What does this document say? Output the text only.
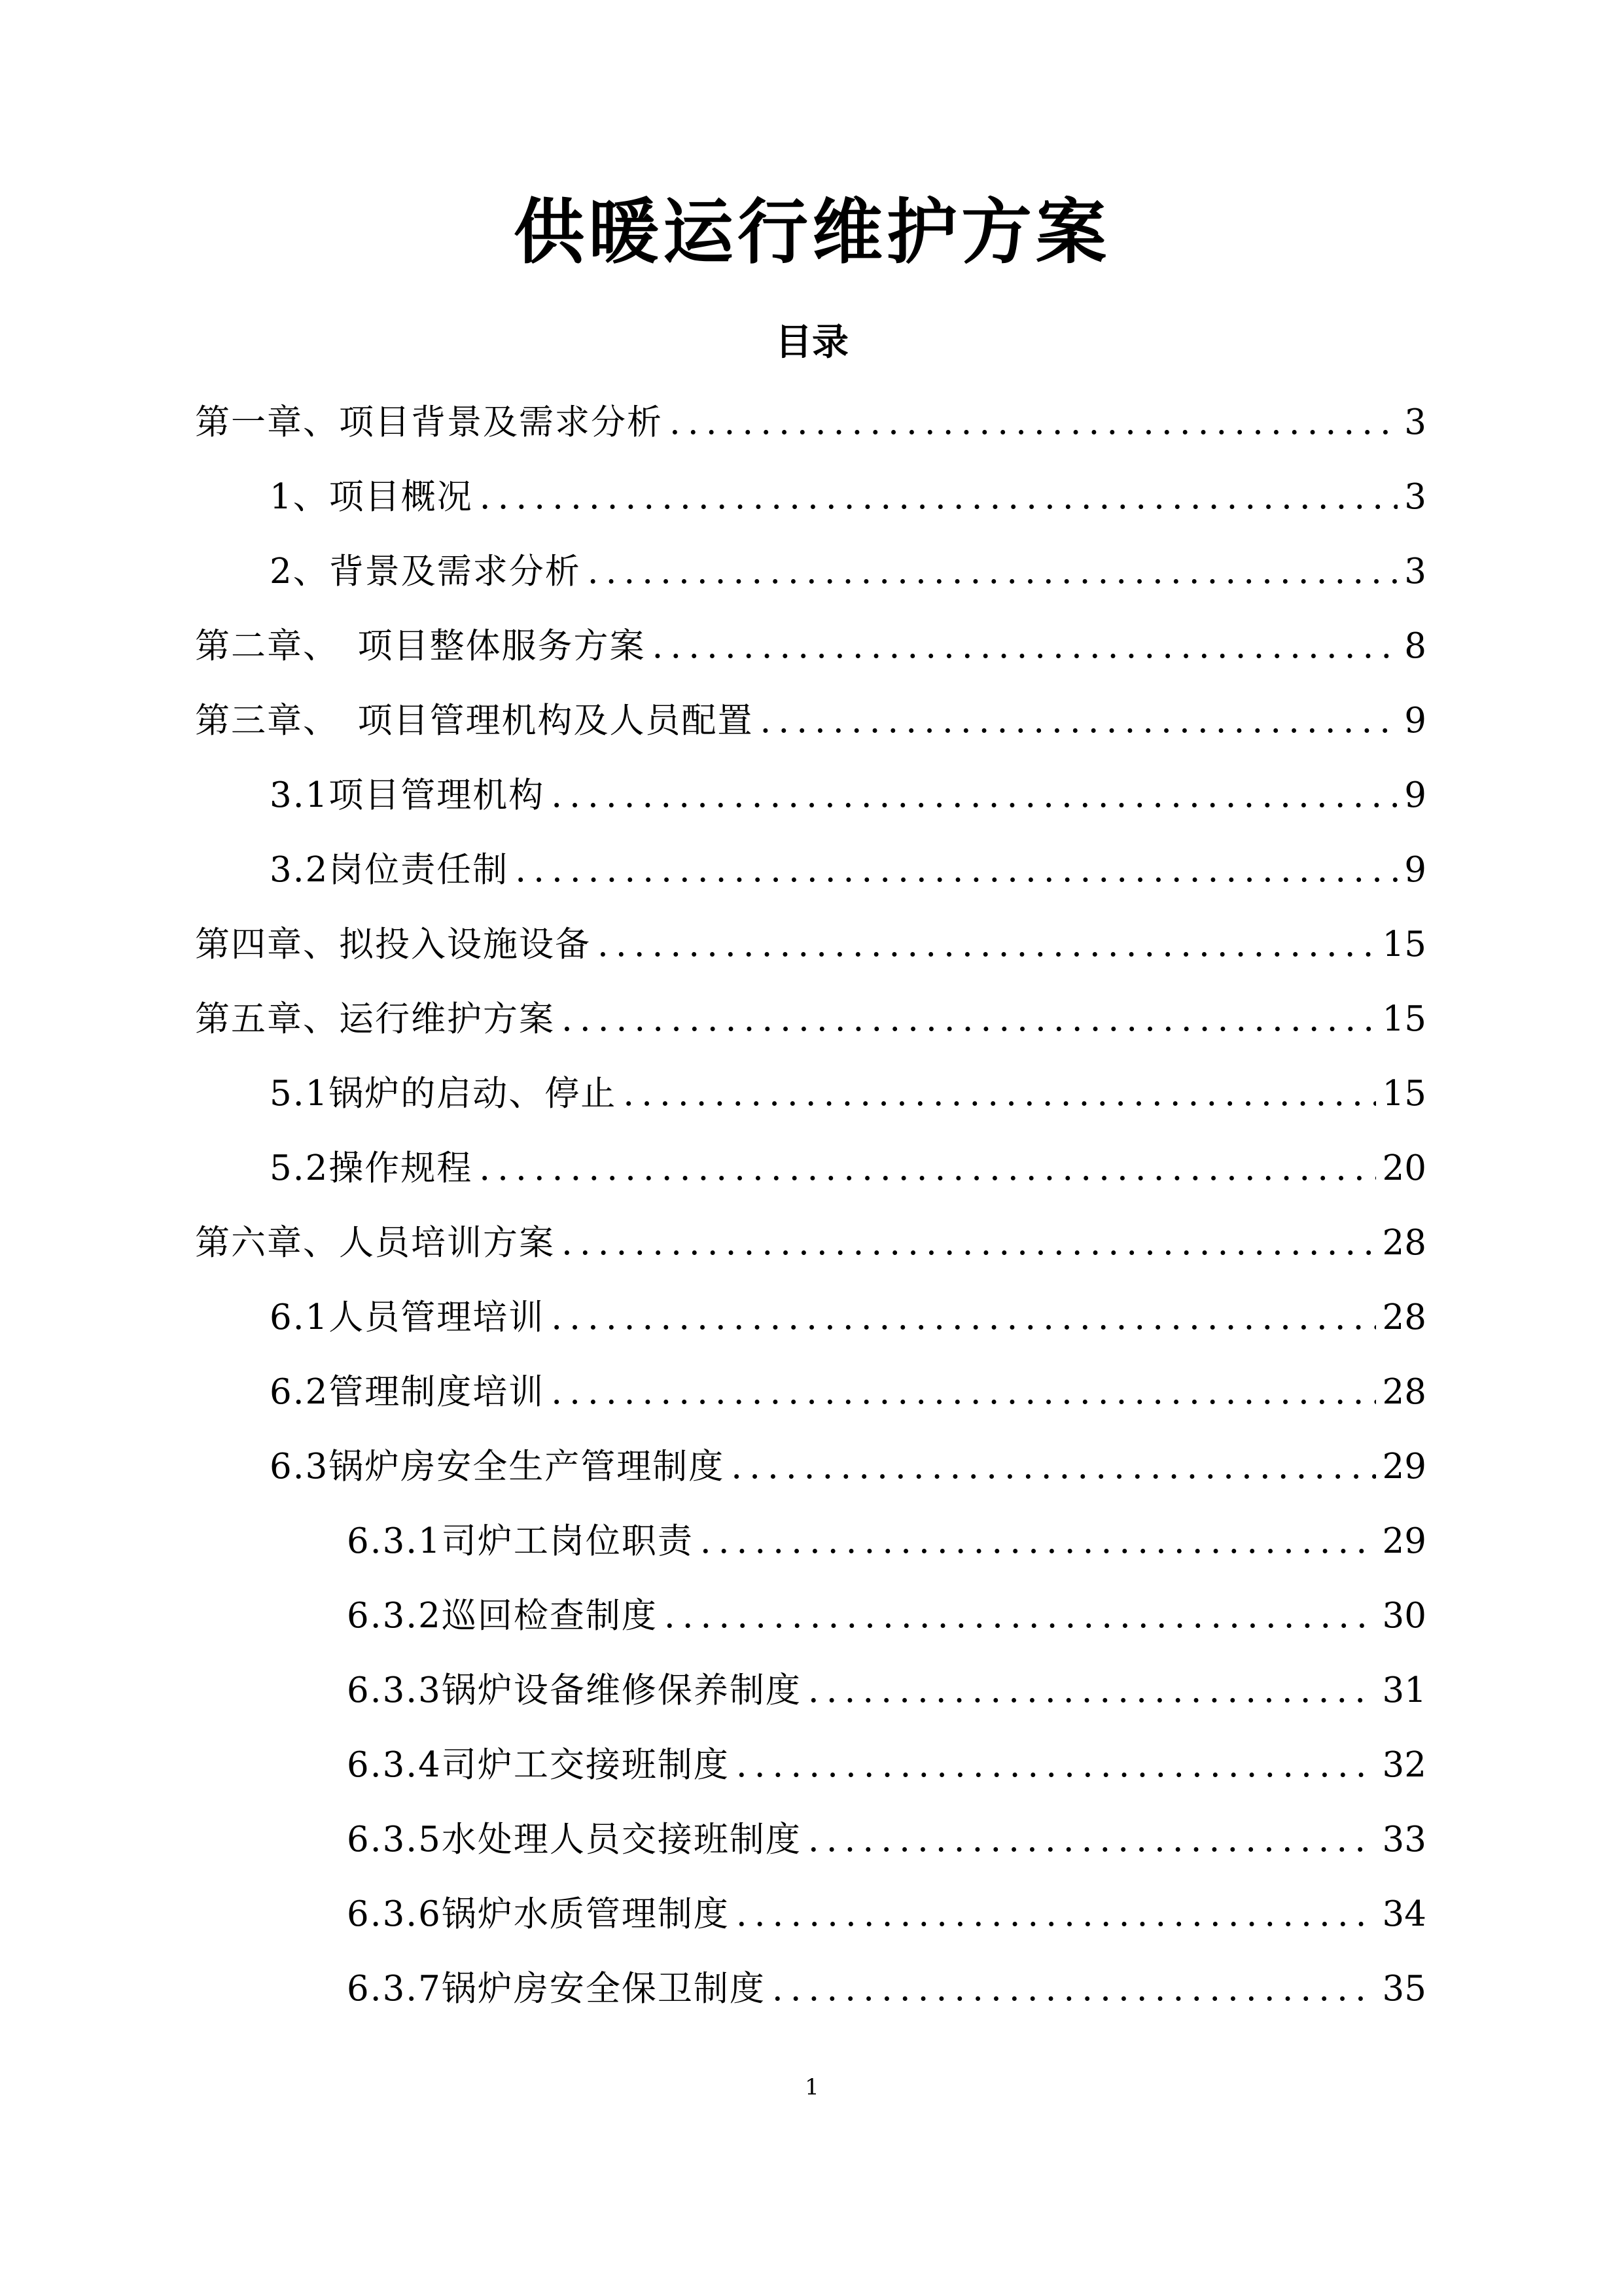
供暖运行维护方案
目录
第一章、项目背景及需求分析 .....	3
1、项目概况 .....	3
2、背景及需求分析 .....	3
第二章、　项目整体服务方案 .....	8
第三章、　项目管理机构及人员配置 .....	9
3.1项目管理机构 .....	9
3.2岗位责任制 .....	9
第四章、拟投入设施设备 .....	15
第五章、运行维护方案 .....	15
5.1锅炉的启动、停止 .....	15
5.2操作规程 .....	20
第六章、人员培训方案 .....	28
6.1人员管理培训 .....	28
6.2管理制度培训 .....	28
6.3锅炉房安全生产管理制度 .....	29
6.3.1司炉工岗位职责 .....	29
6.3.2巡回检查制度 .....	30
6.3.3锅炉设备维修保养制度 .....	31
6.3.4司炉工交接班制度 .....	32
6.3.5水处理人员交接班制度 .....	33
6.3.6锅炉水质管理制度 .....	34
6.3.7锅炉房安全保卫制度 .....	35
1
